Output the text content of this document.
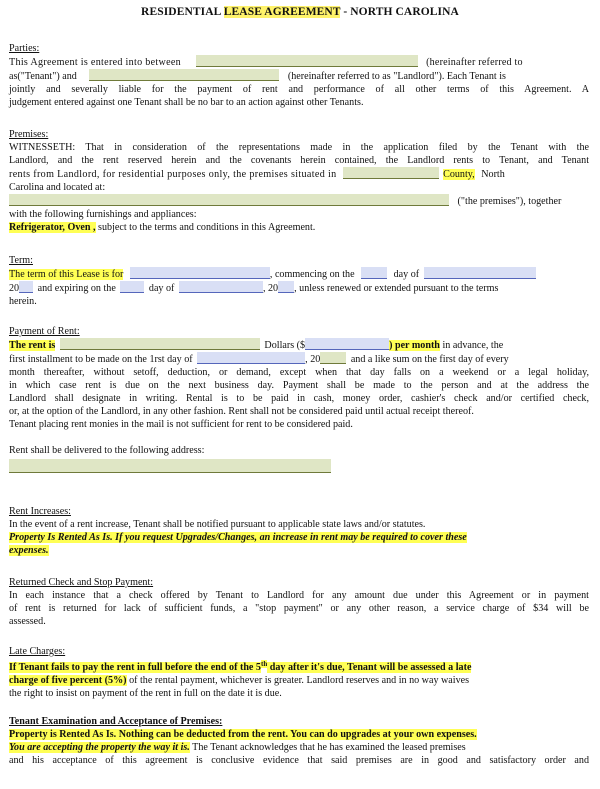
RESIDENTIAL LEASE AGREEMENT - NORTH CAROLINA
Parties:
This Agreement is entered into between	(hereinafter referred to
as("Tenant") and	(hereinafter referred to as "Landlord"). Each Tenant is
jointly and severally liable for the payment of rent and performance of all other terms of this Agreement. A
judgement entered against one Tenant shall be no bar to an action against other Tenants.
Premises:
WITNESSETH: That in consideration of the representations made in the application filed by the Tenant with the
Landlord, and the rent reserved herein and the covenants herein contained, the Landlord rents to Tenant, and Tenant
rents from Landlord, for residential purposes only, the premises situated in	County, North
Carolina and located at:
("the premises"), together
with the following furnishings and appliances:
Refrigerator, Oven , subject to the terms and conditions in this Agreement.
Term:
The term of this Lease is for	, commencing on the	day of
20 and expiring on the	day of	, 20 , unless renewed or extended pursuant to the terms
herein.
Payment of Rent:
The rent is	Dollars ($	) per month in advance, the
first installment to be made on the 1rst day of	, 20	and a like sum on the first day of every
month thereafter, without setoff, deduction, or demand, except when that day falls on a weekend or a legal holiday,
in which case rent is due on the next business day. Payment shall be made to the person and at the address the
Landlord shall designate in writing. Rental is to be paid in cash, money order, cashier's check and/or certified check,
or, at the option of the Landlord, in any other fashion. Rent shall not be considered paid until actual receipt thereof.
Tenant placing rent monies in the mail is not sufficient for rent to be considered paid.
Rent shall be delivered to the following address:
Rent Increases:
In the event of a rent increase, Tenant shall be notified pursuant to applicable state laws and/or statutes.
Property Is Rented As Is. If you request Upgrades/Changes, an increase in rent may be required to cover these
expenses.
Returned Check and Stop Payment:
In each instance that a check offered by Tenant to Landlord for any amount due under this Agreement or in payment
of rent is returned for lack of sufficient funds, a "stop payment" or any other reason, a service charge of $34 will be
assessed.
Late Charges:
If Tenant fails to pay the rent in full before the end of the 5th day after it's due, Tenant will be assessed a late
charge of five percent (5%) of the rental payment, whichever is greater. Landlord reserves and in no way waives
the right to insist on payment of the rent in full on the date it is due.
Tenant Examination and Acceptance of Premises:
Property is Rented As Is. Nothing can be deducted from the rent. You can do upgrades at your own expenses.
You are accepting the property the way it is. The Tenant acknowledges that he has examined the leased premises
and his acceptance of this agreement is conclusive evidence that said premises are in good and satisfactory order and
